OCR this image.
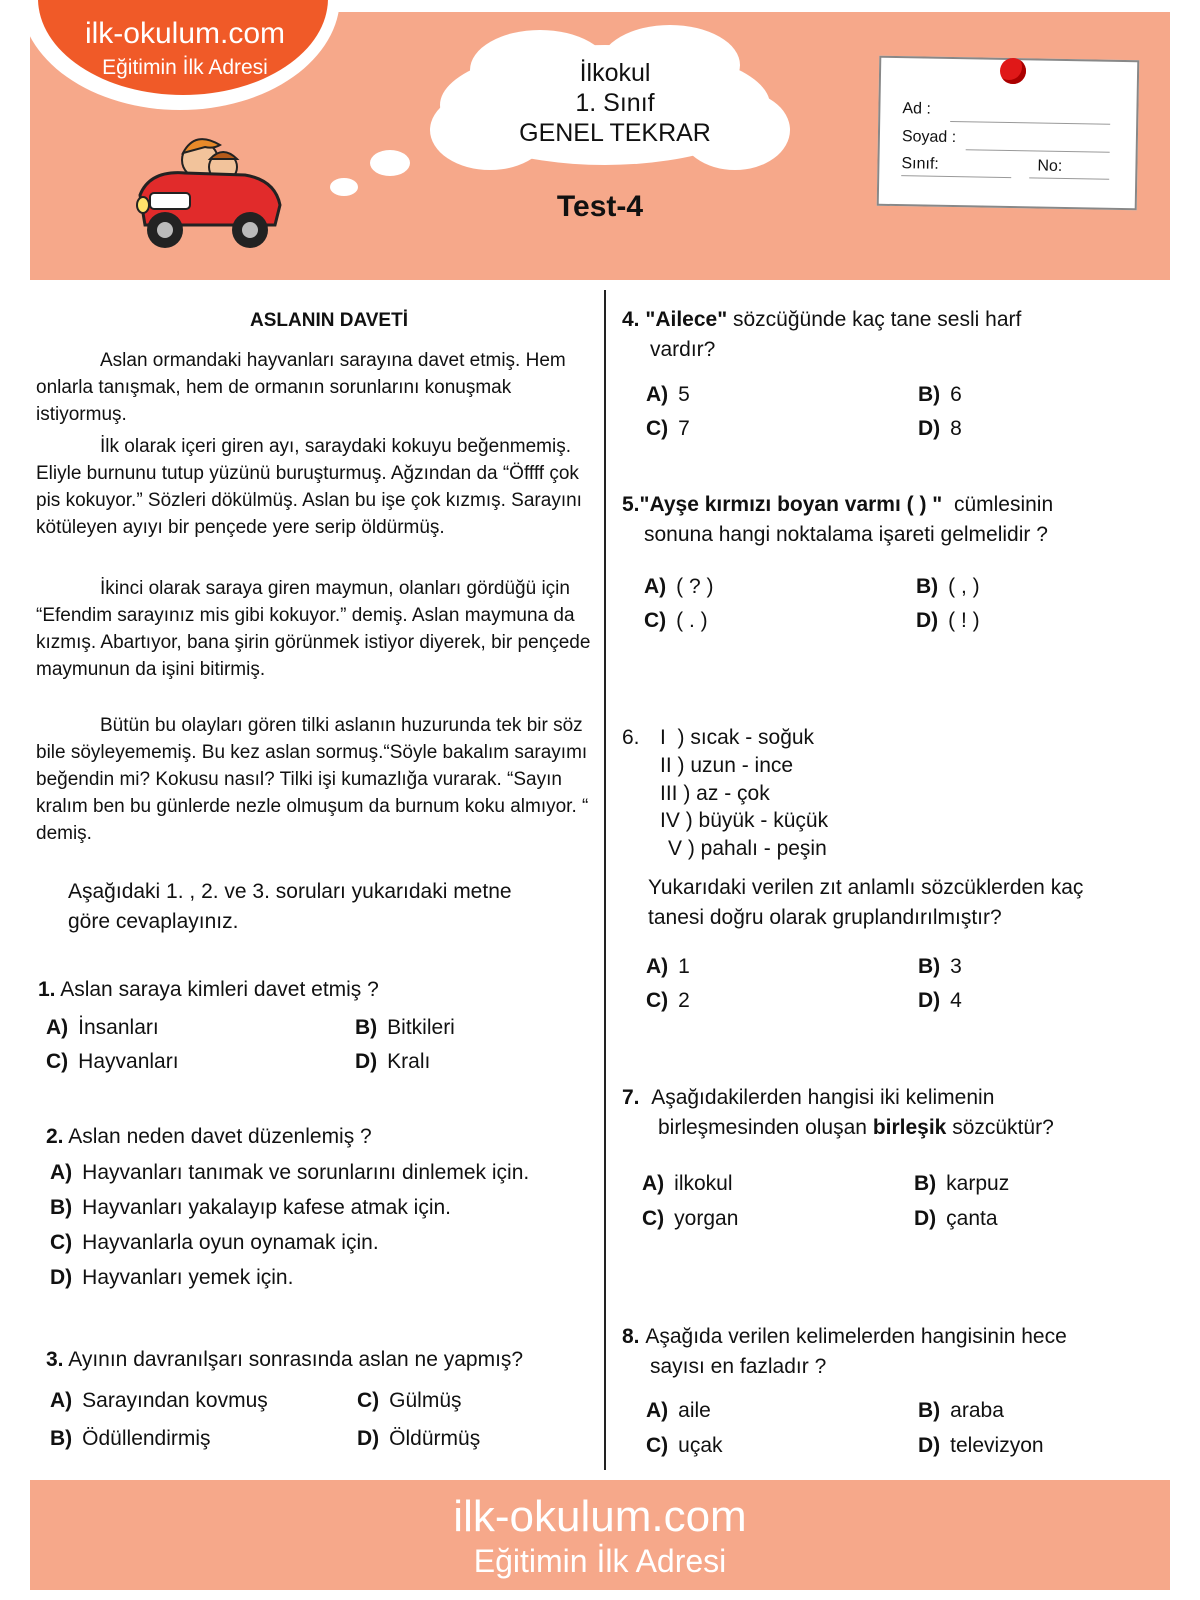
ilk-okulum.com
Eğitimin İlk Adresi	İlkokul
1. Sınıf
GENEL TEKRAR
Test-4
Ad :
Soyad :
Sınıf:	No:
ASLANIN DAVETİ
Aslan ormandaki hayvanları sarayına davet etmiş. Hem onlarla tanışmak, hem de ormanın sorunlarını konuşmak istiyormuş.
İlk olarak içeri giren ayı, saraydaki kokuyu beğenmemiş. Eliyle burnunu tutup yüzünü buruşturmuş. Ağzından da “Öffff çok pis kokuyor.” Sözleri dökülmüş. Aslan bu işe çok kızmış. Sarayını kötüleyen ayıyı bir pençede yere serip öldürmüş.
İkinci olarak saraya giren maymun, olanları gördüğü için “Efendim sarayınız mis gibi kokuyor.” demiş. Aslan maymuna da kızmış. Abartıyor, bana şirin görünmek istiyor diyerek, bir pençede maymunun da işini bitirmiş.
Bütün bu olayları gören tilki aslanın huzurunda tek bir söz bile söyleyememiş. Bu kez aslan sormuş.“Söyle bakalım sarayımı beğendin mi? Kokusu nasıl? Tilki işi kumazlığa vurarak. “Sayın kralım ben bu günlerde nezle olmuşum da burnum koku almıyor. “ demiş.
Aşağıdaki 1. , 2. ve 3. soruları yukarıdaki metne göre cevaplayınız.
1. Aslan saraya kimleri davet etmiş ?
A) İnsanları	B) Bitkileri
C) Hayvanları	D) Kralı
2. Aslan neden davet düzenlemiş ?
A) Hayvanları tanımak ve sorunlarını dinlemek için.
B) Hayvanları yakalayıp kafese atmak için.
C) Hayvanlarla oyun oynamak için.
D) Hayvanları yemek için.
3. Ayının davranılşarı sonrasında aslan ne yapmış?
A) Sarayından kovmuş	C) Gülmüş
B) Ödüllendirmiş	D) Öldürmüş
4. "Ailece" sözcüğünde kaç tane sesli harf
vardır?
A) 5	B) 6
C) 7	D) 8
5."Ayşe kırmızı boyan varmı ( ) " cümlesinin
sonuna hangi noktalama işareti gelmelidir ?
A) ( ? )	B) ( , )
C) ( . )	D) ( ! )
6. I ) sıcak - soğuk
II ) uzun - ince
III ) az - çok
IV ) büyük - küçük
V ) pahalı - peşin
Yukarıdaki verilen zıt anlamlı sözcüklerden kaç
tanesi doğru olarak gruplandırılmıştır?
A) 1	B) 3
C) 2	D) 4
7. Aşağıdakilerden hangisi iki kelimenin
birleşmesinden oluşan birleşik sözcüktür?
A) ilkokul	B) karpuz
C) yorgan	D) çanta
8. Aşağıda verilen kelimelerden hangisinin hece
sayısı en fazladır ?
A) aile	B) araba
C) uçak	D) televizyon
ilk-okulum.com
Eğitimin İlk Adresi
